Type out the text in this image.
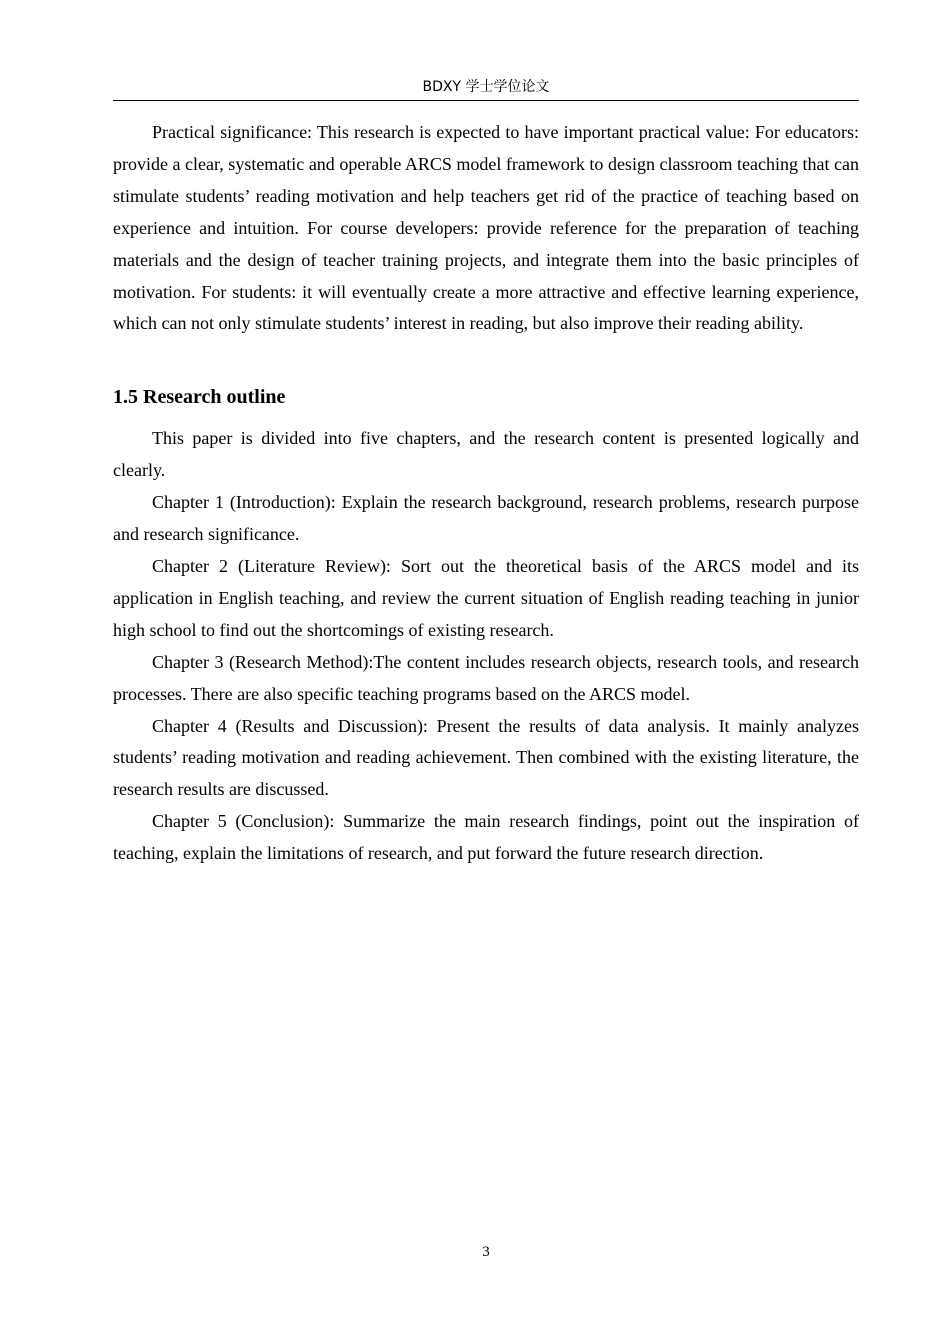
BDXY 学士学位论文

Practical significance: This research is expected to have important practical value: For educators: provide a clear, systematic and operable ARCS model framework to design classroom teaching that can stimulate students’ reading motivation and help teachers get rid of the practice of teaching based on experience and intuition. For course developers: provide reference for the preparation of teaching materials and the design of teacher training projects, and integrate them into the basic principles of motivation. For students: it will eventually create a more attractive and effective learning experience, which can not only stimulate students’ interest in reading, but also improve their reading ability.

1.5 Research outline

This paper is divided into five chapters, and the research content is presented logically and clearly.

Chapter 1 (Introduction): Explain the research background, research problems, research purpose and research significance.

Chapter 2 (Literature Review): Sort out the theoretical basis of the ARCS model and its application in English teaching, and review the current situation of English reading teaching in junior high school to find out the shortcomings of existing research.

Chapter 3 (Research Method):The content includes research objects, research tools, and research processes. There are also specific teaching programs based on the ARCS model.

Chapter 4 (Results and Discussion): Present the results of data analysis. It mainly analyzes students’ reading motivation and reading achievement. Then combined with the existing literature, the research results are discussed.

Chapter 5 (Conclusion): Summarize the main research findings, point out the inspiration of teaching, explain the limitations of research, and put forward the future research direction.

3
